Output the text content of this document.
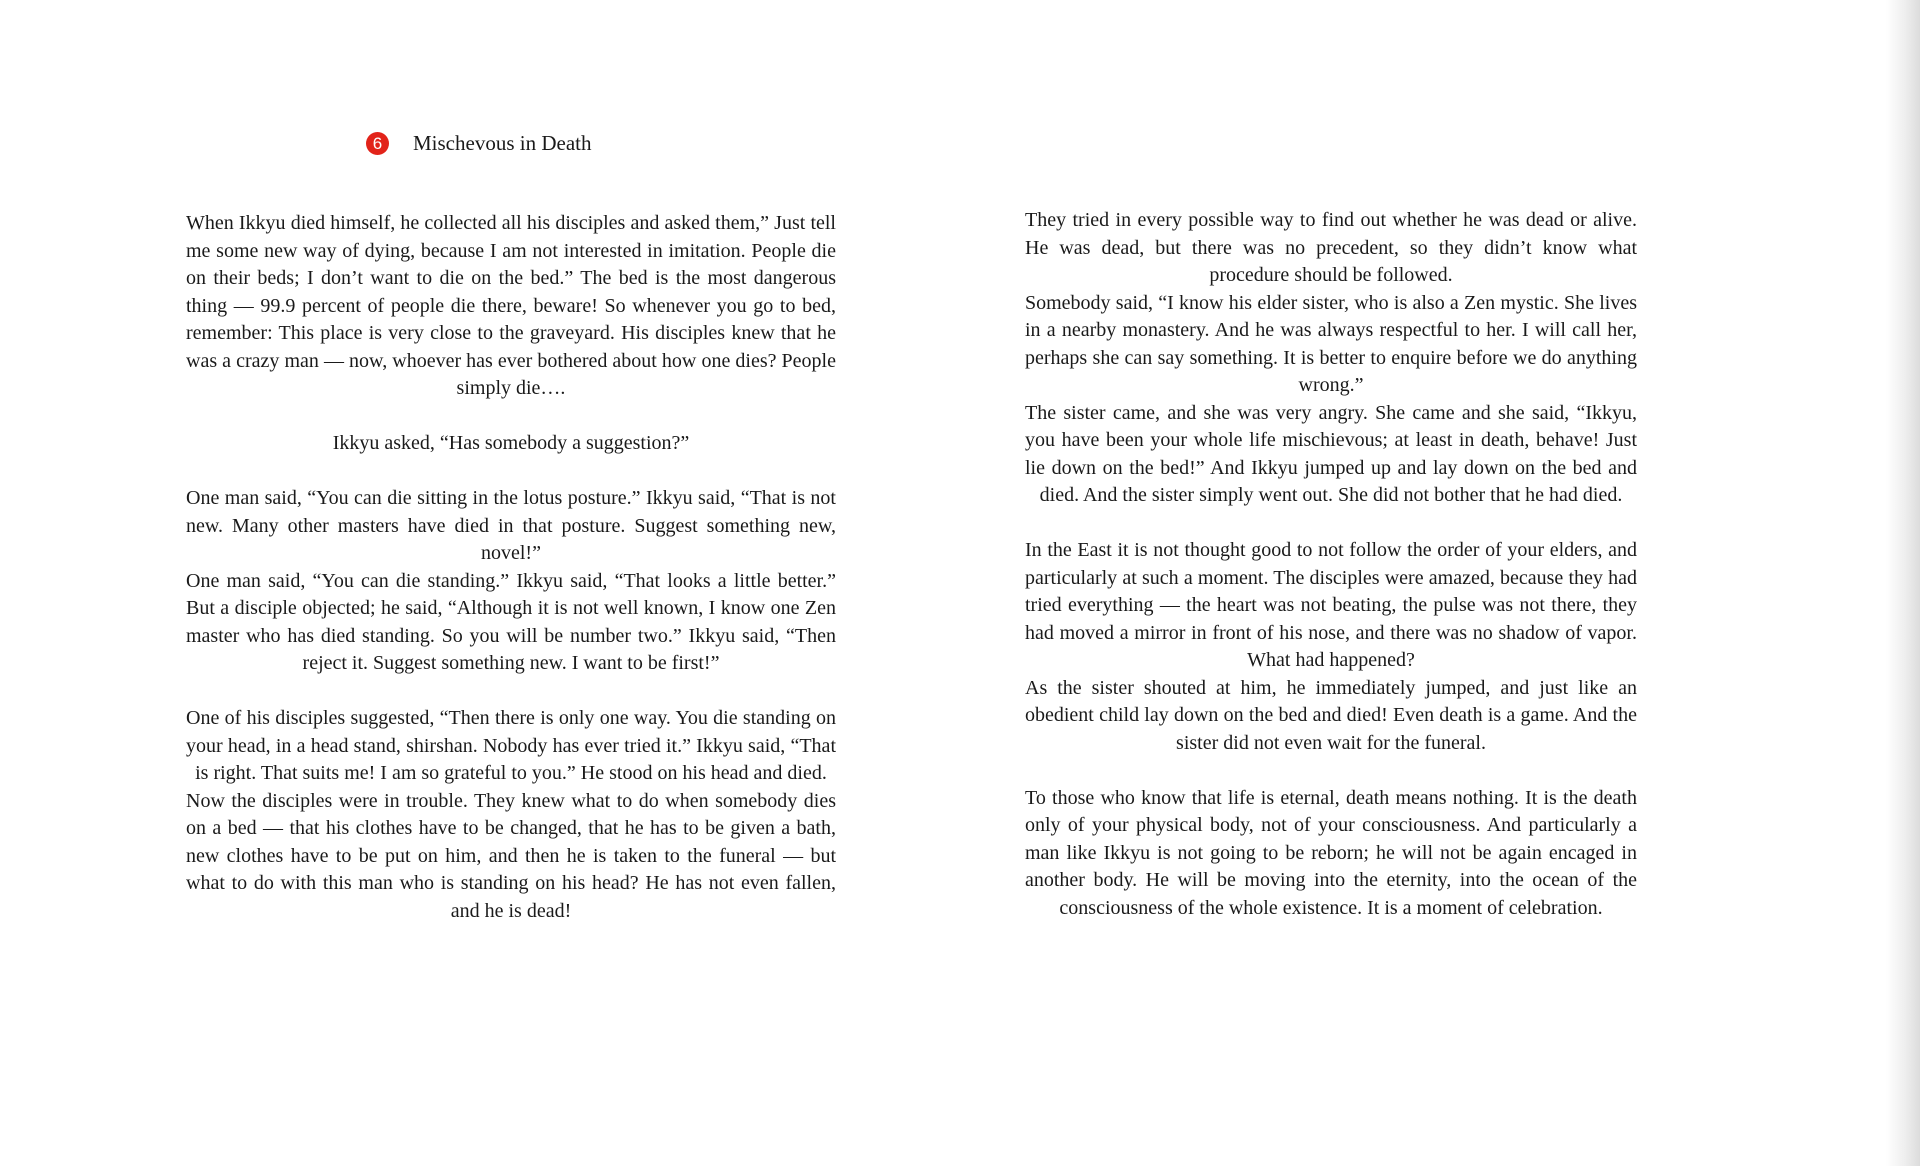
6 Mischevous in Death

When Ikkyu died himself, he collected all his disciples and asked them,” Just tell me some new way of dying, because I am not interested in imitation. People die on their beds; I don’t want to die on the bed.” The bed is the most dangerous thing — 99.9 percent of people die there, beware! So whenever you go to bed, remember: This place is very close to the graveyard. His disciples knew that he was a crazy man — now, whoever has ever bothered about how one dies? People simply die….

Ikkyu asked, “Has somebody a suggestion?”

One man said, “You can die sitting in the lotus posture.” Ikkyu said, “That is not new. Many other masters have died in that posture. Suggest something new, novel!”

One man said, “You can die standing.” Ikkyu said, “That looks a little better.” But a disciple objected; he said, “Although it is not well known, I know one Zen master who has died standing. So you will be number two.” Ikkyu said, “Then reject it. Suggest something new. I want to be first!”

One of his disciples suggested, “Then there is only one way. You die standing on your head, in a head stand, shirshan. Nobody has ever tried it.” Ikkyu said, “That is right. That suits me! I am so grateful to you.” He stood on his head and died.

Now the disciples were in trouble. They knew what to do when somebody dies on a bed — that his clothes have to be changed, that he has to be given a bath, new clothes have to be put on him, and then he is taken to the funeral — but what to do with this man who is standing on his head? He has not even fallen, and he is dead!

They tried in every possible way to find out whether he was dead or alive. He was dead, but there was no precedent, so they didn’t know what procedure should be followed.

Somebody said, “I know his elder sister, who is also a Zen mystic. She lives in a nearby monastery. And he was always respectful to her. I will call her, perhaps she can say something. It is better to enquire before we do anything wrong.”

The sister came, and she was very angry. She came and she said, “Ikkyu, you have been your whole life mischievous; at least in death, behave! Just lie down on the bed!” And Ikkyu jumped up and lay down on the bed and died. And the sister simply went out. She did not bother that he had died.

In the East it is not thought good to not follow the order of your elders, and particularly at such a moment. The disciples were amazed, because they had tried everything — the heart was not beating, the pulse was not there, they had moved a mirror in front of his nose, and there was no shadow of vapor. What had happened?

As the sister shouted at him, he immediately jumped, and just like an obedient child lay down on the bed and died! Even death is a game. And the sister did not even wait for the funeral.

To those who know that life is eternal, death means nothing. It is the death only of your physical body, not of your consciousness. And particularly a man like Ikkyu is not going to be reborn; he will not be again encaged in another body. He will be moving into the eternity, into the ocean of the consciousness of the whole existence. It is a moment of celebration.
